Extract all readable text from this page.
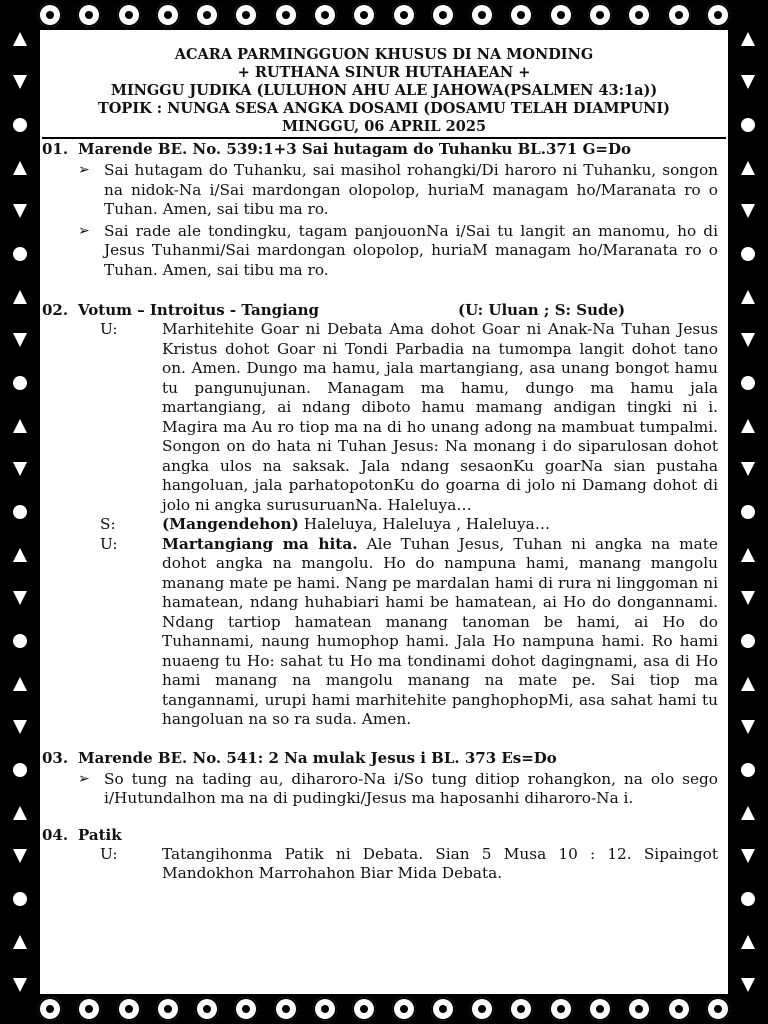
ACARA PARMINGGUON KHUSUS DI NA MONDING
+ RUTHANA SINUR HUTAHAEAN +
MINGGU JUDIKA (LULUHON AHU ALE JAHOWA(PSALMEN 43:1a))
TOPIK : NUNGA SESA ANGKA DOSAMI (DOSAMU TELAH DIAMPUNI)
MINGGU, 06 APRIL 2025

01. Marende BE. No. 539:1+3 Sai hutagam do Tuhanku BL.371 G=Do

➢ Sai hutagam do Tuhanku, sai masihol rohangki/Di haroro ni Tuhanku, songon na nidok-Na i/Sai mardongan olopolop, huriaM managam ho/Maranata ro o Tuhan. Amen, sai tibu ma ro.
➢ Sai rade ale tondingku, tagam panjouonNa i/Sai tu langit an manomu, ho di Jesus Tuhanmi/Sai mardongan olopolop, huriaM managam ho/Maranata ro o Tuhan. Amen, sai tibu ma ro.

02. Votum – Introitus - Tangiang	(U: Uluan ; S: Sude)

U:	Marhitehite Goar ni Debata Ama dohot Goar ni Anak-Na Tuhan Jesus Kristus dohot Goar ni Tondi Parbadia na tumompa langit dohot tano on. Amen. Dungo ma hamu, jala martangiang, asa unang bongot hamu tu pangunujunan. Managam ma hamu, dungo ma hamu jala martangiang, ai ndang diboto hamu mamang andigan tingki ni i. Magira ma Au ro tiop ma na di ho unang adong na mambuat tumpalmi. Songon on do hata ni Tuhan Jesus: Na monang i do siparulosan dohot angka ulos na saksak. Jala ndang sesaonKu goarNa sian pustaha hangoluan, jala parhatopotonKu do goarna di jolo ni Damang dohot di jolo ni angka surusuruanNa. Haleluya…
S:	(Mangendehon) Haleluya, Haleluya , Haleluya…
U:	Martangiang ma hita. Ale Tuhan Jesus, Tuhan ni angka na mate dohot angka na mangolu. Ho do nampuna hami, manang mangolu manang mate pe hami. Nang pe mardalan hami di rura ni linggoman ni hamatean, ndang huhabiari hami be hamatean, ai Ho do dongannami. Ndang tartiop hamatean manang tanoman be hami, ai Ho do Tuhannami, naung humophop hami. Jala Ho nampuna hami. Ro hami nuaeng tu Ho: sahat tu Ho ma tondinami dohot dagingnami, asa di Ho hami manang na mangolu manang na mate pe. Sai tiop ma tangannami, urupi hami marhitehite panghophopMi, asa sahat hami tu hangoluan na so ra suda. Amen.

03. Marende BE. No. 541: 2 Na mulak Jesus i BL. 373 Es=Do

➢ So tung na tading au, diharoro-Na i/So tung ditiop rohangkon, na olo sego i/Hutundalhon ma na di pudingki/Jesus ma haposanhi diharoro-Na i.

04. Patik

U:	Tatangihonma Patik ni Debata. Sian 5 Musa 10 : 12. Sipaingot Mandokhon Marrohahon Biar Mida Debata.
